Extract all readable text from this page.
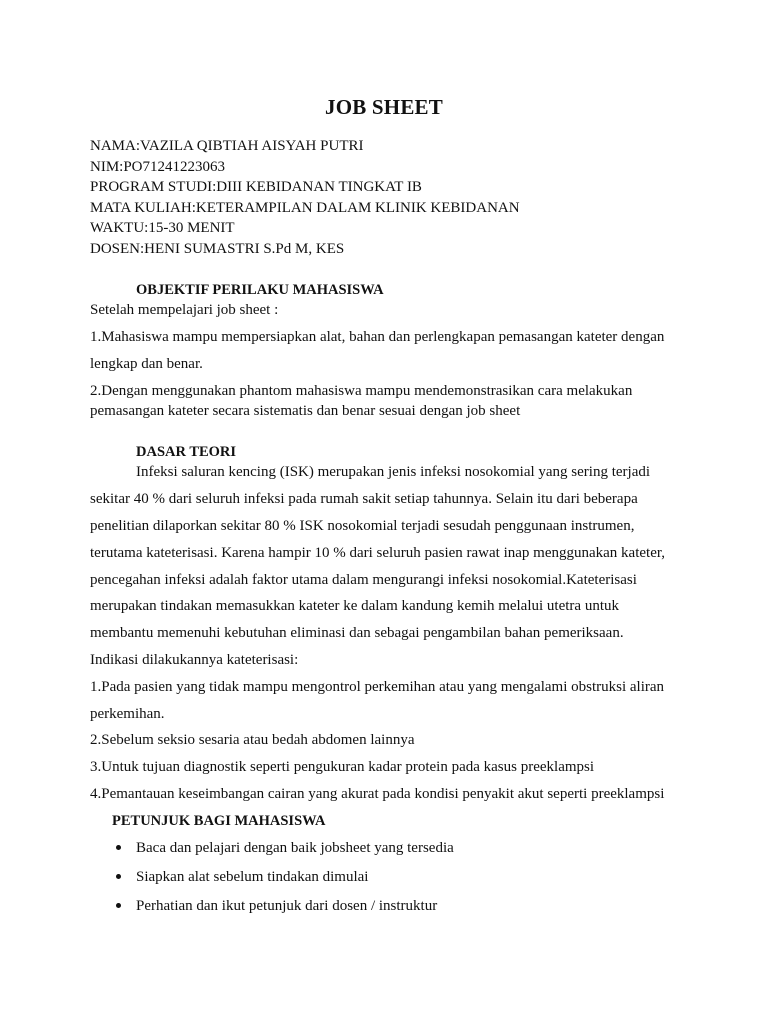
JOB SHEET
NAMA:VAZILA QIBTIAH AISYAH PUTRI
NIM:PO71241223063
PROGRAM STUDI:DIII KEBIDANAN TINGKAT IB
MATA KULIAH:KETERAMPILAN DALAM KLINIK KEBIDANAN
WAKTU:15-30 MENIT
DOSEN:HENI SUMASTRI S.Pd M, KES
OBJEKTIF PERILAKU MAHASISWA
Setelah mempelajari job sheet :
1.Mahasiswa mampu mempersiapkan alat, bahan dan perlengkapan pemasangan kateter dengan
lengkap dan benar.
2.Dengan menggunakan phantom mahasiswa mampu mendemonstrasikan cara melakukan
pemasangan kateter secara sistematis dan benar sesuai dengan job sheet
DASAR TEORI
Infeksi saluran kencing (ISK) merupakan jenis infeksi nosokomial yang sering terjadi
sekitar 40 % dari seluruh infeksi pada rumah sakit setiap tahunnya. Selain itu dari beberapa
penelitian dilaporkan sekitar 80 % ISK nosokomial terjadi sesudah penggunaan instrumen,
terutama kateterisasi. Karena hampir 10 % dari seluruh pasien rawat inap menggunakan kateter,
pencegahan infeksi adalah faktor utama dalam mengurangi infeksi nosokomial.Kateterisasi
merupakan tindakan memasukkan kateter ke dalam kandung kemih melalui utetra untuk
membantu memenuhi kebutuhan eliminasi dan sebagai pengambilan bahan pemeriksaan.
Indikasi dilakukannya kateterisasi:
1.Pada pasien yang tidak mampu mengontrol perkemihan atau yang mengalami obstruksi aliran
perkemihan.
2.Sebelum seksio sesaria atau bedah abdomen lainnya
3.Untuk tujuan diagnostik seperti pengukuran kadar protein pada kasus preeklampsi
4.Pemantauan keseimbangan cairan yang akurat pada kondisi penyakit akut seperti preeklampsi
PETUNJUK BAGI MAHASISWA
Baca dan pelajari dengan baik jobsheet yang tersedia
Siapkan alat sebelum tindakan dimulai
Perhatian dan ikut petunjuk dari dosen / instruktur
